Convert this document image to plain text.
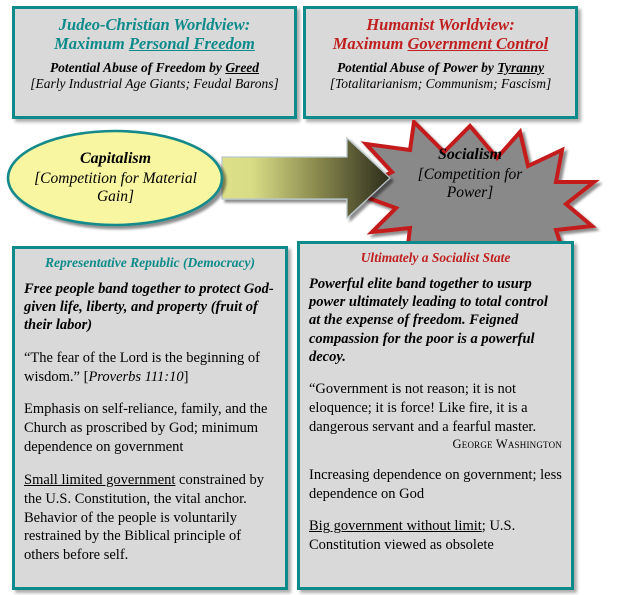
Judeo-Christian Worldview:
Maximum Personal Freedom

Potential Abuse of Freedom by Greed

[Early Industrial Age Giants; Feudal Barons]

Humanist Worldview:
Maximum Government Control

Potential Abuse of Power by Tyranny

[Totalitarianism; Communism; Fascism]

Capitalism
[Competition for Material Gain]
Socialism
[Competition for Power]
Representative Republic (Democracy)

Free people band together to protect God-given life, liberty, and property (fruit of their labor)

“The fear of the Lord is the beginning of wisdom.” [Proverbs 111:10]

Emphasis on self-reliance, family, and the Church as proscribed by God; minimum dependence on government

Small limited government constrained by the U.S. Constitution, the vital anchor. Behavior of the people is voluntarily restrained by the Biblical principle of others before self.

Ultimately a Socialist State

Powerful elite band together to usurp power ultimately leading to total control at the expense of freedom. Feigned compassion for the poor is a powerful decoy.

“Government is not reason; it is not eloquence; it is force! Like fire, it is a dangerous servant and a fearful master.

George Washington

Increasing dependence on government; less dependence on God

Big government without limit; U.S. Constitution viewed as obsolete
